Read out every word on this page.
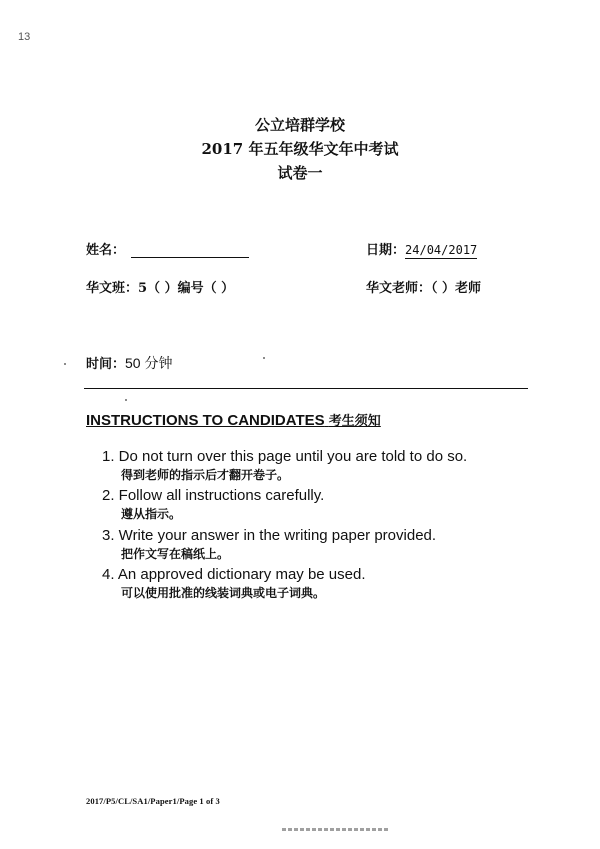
13
公立培群学校
2017 年五年级华文年中考试
试卷一
姓名：	日期：24/04/2017
华文班：5（ ）编号（ ）	华文老师：（ ）老师
时间：50 分钟
INSTRUCTIONS TO CANDIDATES 考生须知
1. Do not turn over this page until you are told to do so.
得到老师的指示后才翻开卷子。
2. Follow all instructions carefully.
遵从指示。
3. Write your answer in the writing paper provided.
把作文写在稿纸上。
4. An approved dictionary may be used.
可以使用批准的线装词典或电子词典。
2017/P5/CL/SA1/Paper1/Page 1 of 3
